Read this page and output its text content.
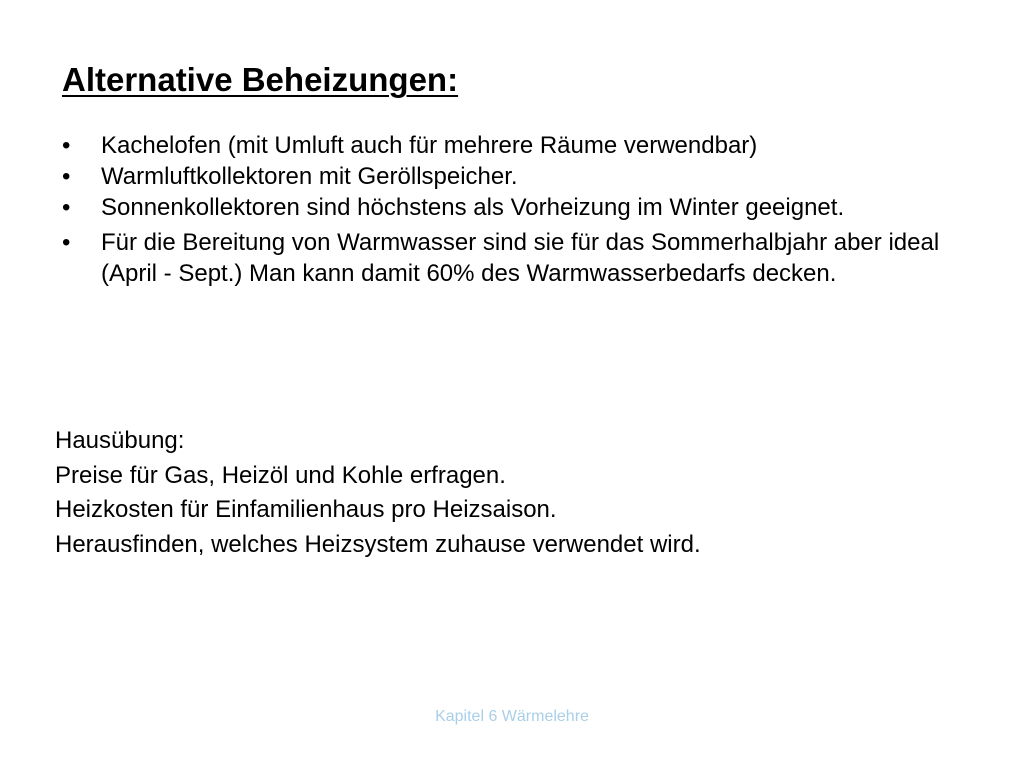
Alternative Beheizungen:
•	Kachelofen (mit Umluft auch für mehrere Räume verwendbar)
•	Warmluftkollektoren mit Geröllspeicher.
•	Sonnenkollektoren sind höchstens als Vorheizung im Winter geeignet.
•	Für die Bereitung von Warmwasser sind sie für das Sommerhalbjahr aber ideal (April - Sept.) Man kann damit 60% des Warmwasserbedarfs decken.
Hausübung:
Preise für Gas, Heizöl und Kohle erfragen.
Heizkosten für Einfamilienhaus pro Heizsaison.
Herausfinden, welches Heizsystem zuhause verwendet wird.
Kapitel 6 Wärmelehre
